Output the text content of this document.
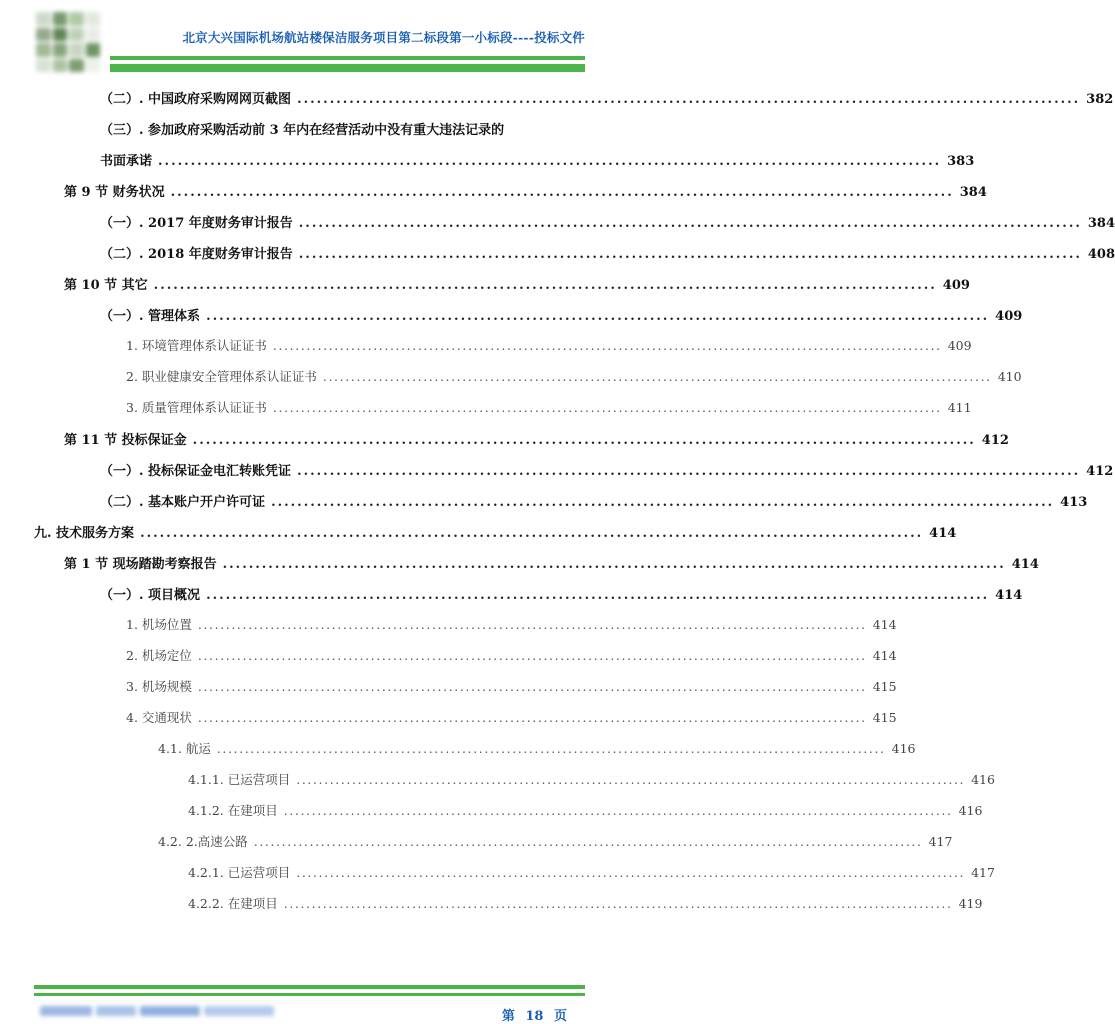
北京大兴国际机场航站楼保洁服务项目第二标段第一小标段----投标文件
（二）. 中国政府采购网网页截图 ........................................................................................................................ 382
（三）. 参加政府采购活动前 3 年内在经营活动中没有重大违法记录的
书面承诺 ........................................................................................................................ 383
第 9 节 财务状况 ........................................................................................................................ 384
（一）. 2017 年度财务审计报告 ........................................................................................................................ 384
（二）. 2018 年度财务审计报告 ........................................................................................................................ 408
第 10 节 其它 ........................................................................................................................ 409
（一）. 管理体系 ........................................................................................................................ 409
1. 环境管理体系认证证书 ........................................................................................................................ 409
2. 职业健康安全管理体系认证证书 ........................................................................................................................ 410
3. 质量管理体系认证证书 ........................................................................................................................ 411
第 11 节 投标保证金 ........................................................................................................................ 412
（一）. 投标保证金电汇转账凭证 ........................................................................................................................ 412
（二）. 基本账户开户许可证 ........................................................................................................................ 413
九. 技术服务方案 ........................................................................................................................ 414
第 1 节 现场踏勘考察报告 ........................................................................................................................ 414
（一）. 项目概况 ........................................................................................................................ 414
1. 机场位置 ........................................................................................................................ 414
2. 机场定位 ........................................................................................................................ 414
3. 机场规模 ........................................................................................................................ 415
4. 交通现状 ........................................................................................................................ 415
4.1. 航运 ........................................................................................................................ 416
4.1.1. 已运营项目 ........................................................................................................................ 416
4.1.2. 在建项目 ........................................................................................................................ 416
4.2. 2.高速公路 ........................................................................................................................ 417
4.2.1. 已运营项目 ........................................................................................................................ 417
4.2.2. 在建项目 ........................................................................................................................ 419
第 18 页
